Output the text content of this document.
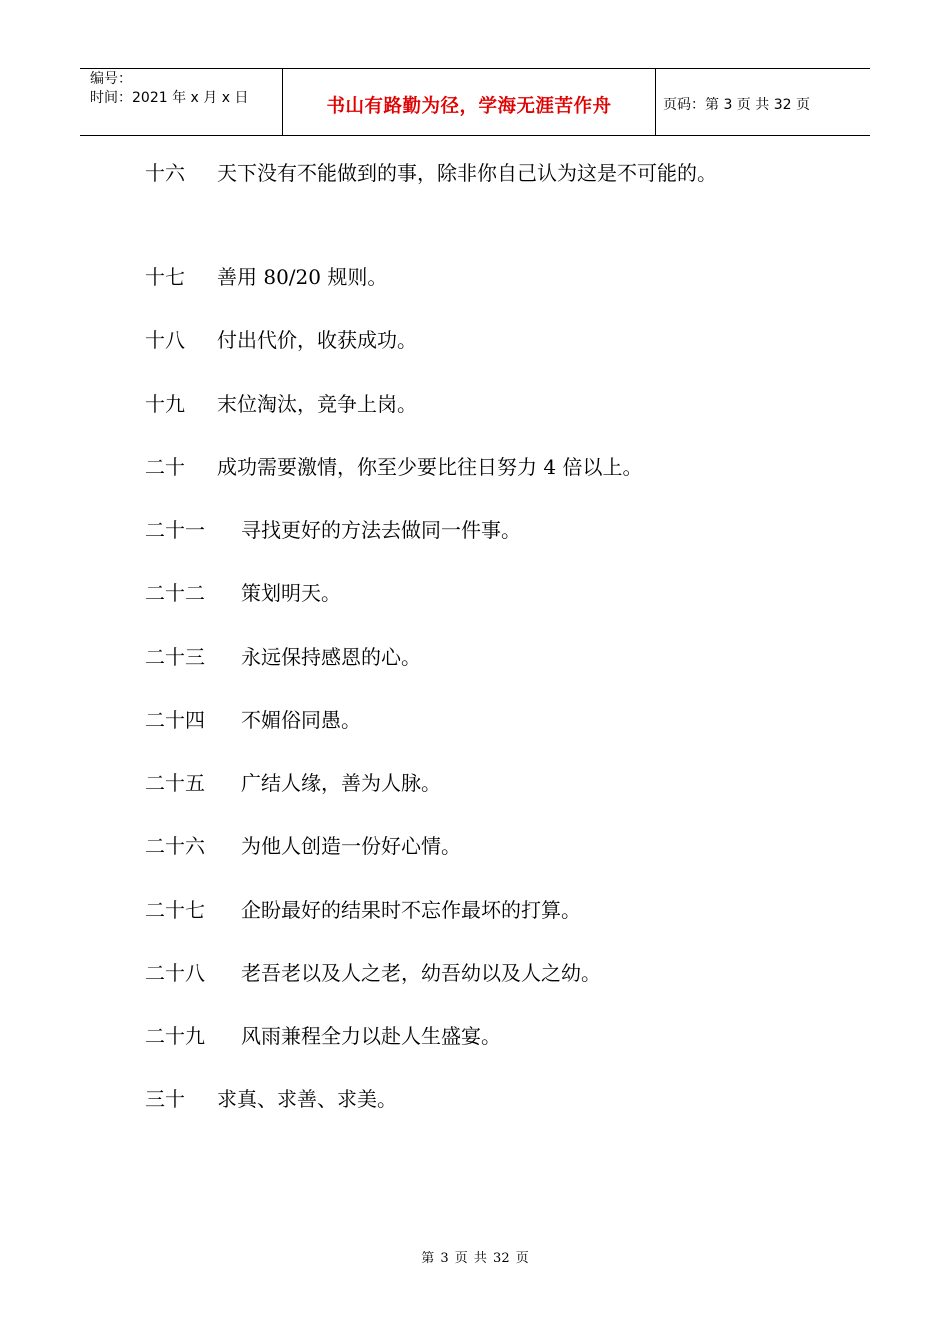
编号：
时间：2021 年 x 月 x 日	书山有路勤为径，学海无涯苦作舟	页码：第 3 页 共 32 页
十六 天下没有不能做到的事，除非你自己认为这是不可能的。
十七 善用 80/20 规则。
十八 付出代价，收获成功。
十九 末位淘汰，竞争上岗。
二十 成功需要激情，你至少要比往日努力 4 倍以上。
二十一 寻找更好的方法去做同一件事。
二十二 策划明天。
二十三 永远保持感恩的心。
二十四 不媚俗同愚。
二十五 广结人缘，善为人脉。
二十六 为他人创造一份好心情。
二十七 企盼最好的结果时不忘作最坏的打算。
二十八 老吾老以及人之老，幼吾幼以及人之幼。
二十九 风雨兼程全力以赴人生盛宴。
三十 求真、求善、求美。
第 3 页 共 32 页
